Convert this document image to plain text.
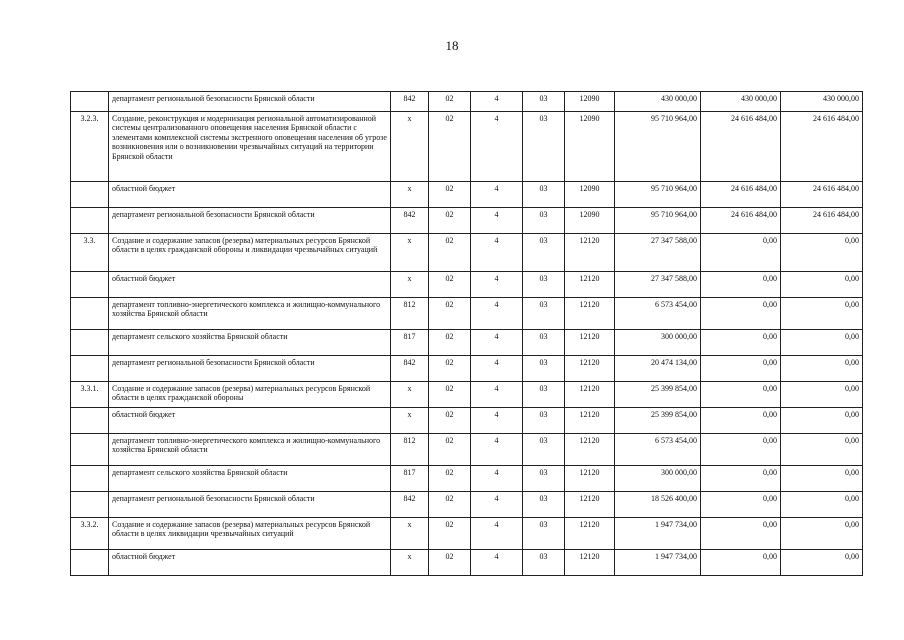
18
	департамент региональной безопасности Брянской области	842	02	4	03	12090	430 000,00	430 000,00	430 000,00
3.2.3.	Создание, реконструкция и модернизация региональной автоматизированной системы централизованного оповещения населения Брянской области с элементами комплексной системы экстренного оповещения населения об угрозе возникновения или о возникновении чрезвычайных ситуаций на территории Брянской области	x	02	4	03	12090	95 710 964,00	24 616 484,00	24 616 484,00
	областной бюджет	x	02	4	03	12090	95 710 964,00	24 616 484,00	24 616 484,00
	департамент региональной безопасности Брянской области	842	02	4	03	12090	95 710 964,00	24 616 484,00	24 616 484,00
3.3.	Создание и содержание запасов (резерва) материальных ресурсов Брянской области в целях гражданской обороны и ликвидации чрезвычайных ситуаций	x	02	4	03	12120	27 347 588,00	0,00	0,00
	областной бюджет	x	02	4	03	12120	27 347 588,00	0,00	0,00
	департамент топливно-энергетического комплекса и жилищно-коммунального хозяйства Брянской области	812	02	4	03	12120	6 573 454,00	0,00	0,00
	департамент сельского хозяйства Брянской области	817	02	4	03	12120	300 000,00	0,00	0,00
	департамент региональной безопасности Брянской области	842	02	4	03	12120	20 474 134,00	0,00	0,00
3.3.1.	Создание и содержание запасов (резерва) материальных ресурсов Брянской области в целях гражданской обороны	x	02	4	03	12120	25 399 854,00	0,00	0,00
	областной бюджет	x	02	4	03	12120	25 399 854,00	0,00	0,00
	департамент топливно-энергетического комплекса и жилищно-коммунального хозяйства Брянской области	812	02	4	03	12120	6 573 454,00	0,00	0,00
	департамент сельского хозяйства Брянской области	817	02	4	03	12120	300 000,00	0,00	0,00
	департамент региональной безопасности Брянской области	842	02	4	03	12120	18 526 400,00	0,00	0,00
3.3.2.	Создание и содержание запасов (резерва) материальных ресурсов Брянской области в целях ликвидации чрезвычайных ситуаций	x	02	4	03	12120	1 947 734,00	0,00	0,00
	областной бюджет	x	02	4	03	12120	1 947 734,00	0,00	0,00
